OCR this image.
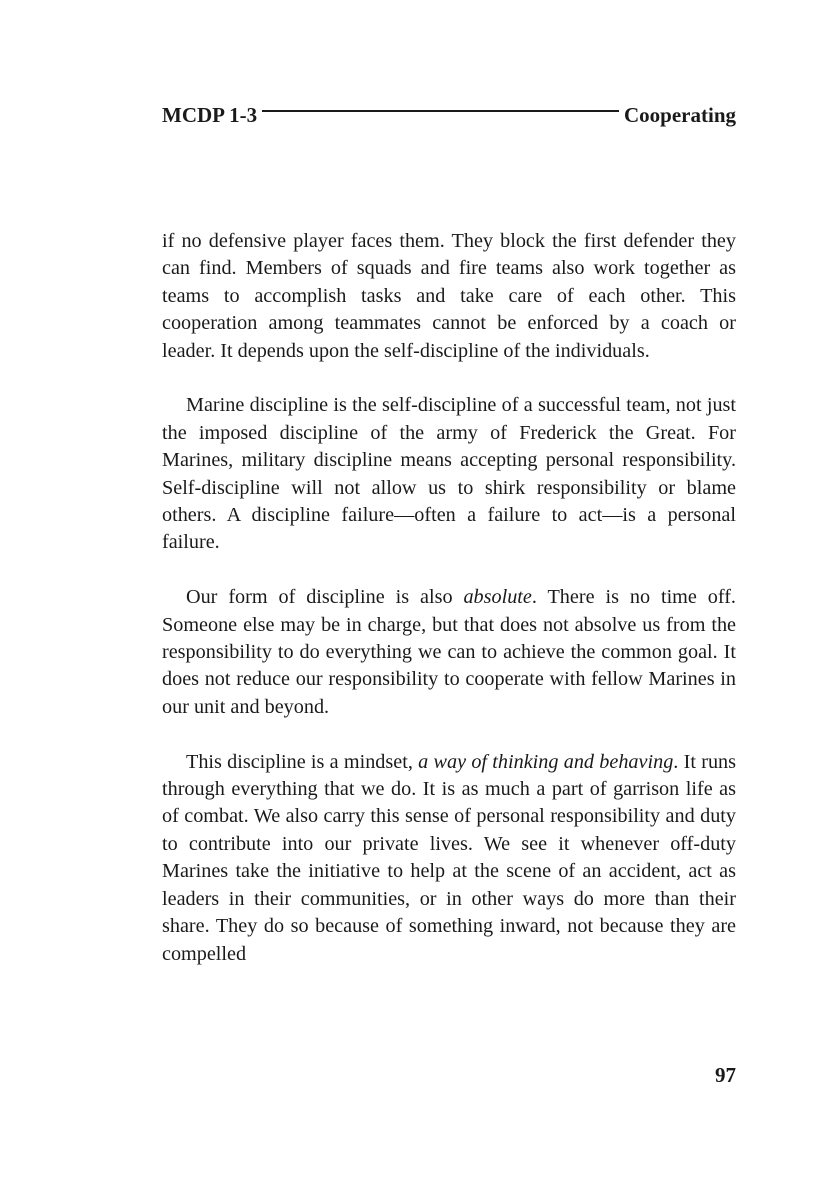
MCDP 1-3	Cooperating

if no defensive player faces them. They block the first defender they can find. Members of squads and fire teams also work together as teams to accomplish tasks and take care of each other. This cooperation among teammates cannot be enforced by a coach or leader. It depends upon the self-discipline of the individuals.

Marine discipline is the self-discipline of a successful team, not just the imposed discipline of the army of Frederick the Great. For Marines, military discipline means accepting personal responsibility. Self-discipline will not allow us to shirk responsibility or blame others. A discipline failure—often a failure to act—is a personal failure.

Our form of discipline is also absolute. There is no time off. Someone else may be in charge, but that does not absolve us from the responsibility to do everything we can to achieve the common goal. It does not reduce our responsibility to cooperate with fellow Marines in our unit and beyond.

This discipline is a mindset, a way of thinking and behaving. It runs through everything that we do. It is as much a part of garrison life as of combat. We also carry this sense of personal responsibility and duty to contribute into our private lives. We see it whenever off-duty Marines take the initiative to help at the scene of an accident, act as leaders in their communities, or in other ways do more than their share. They do so because of something inward, not because they are compelled

97
